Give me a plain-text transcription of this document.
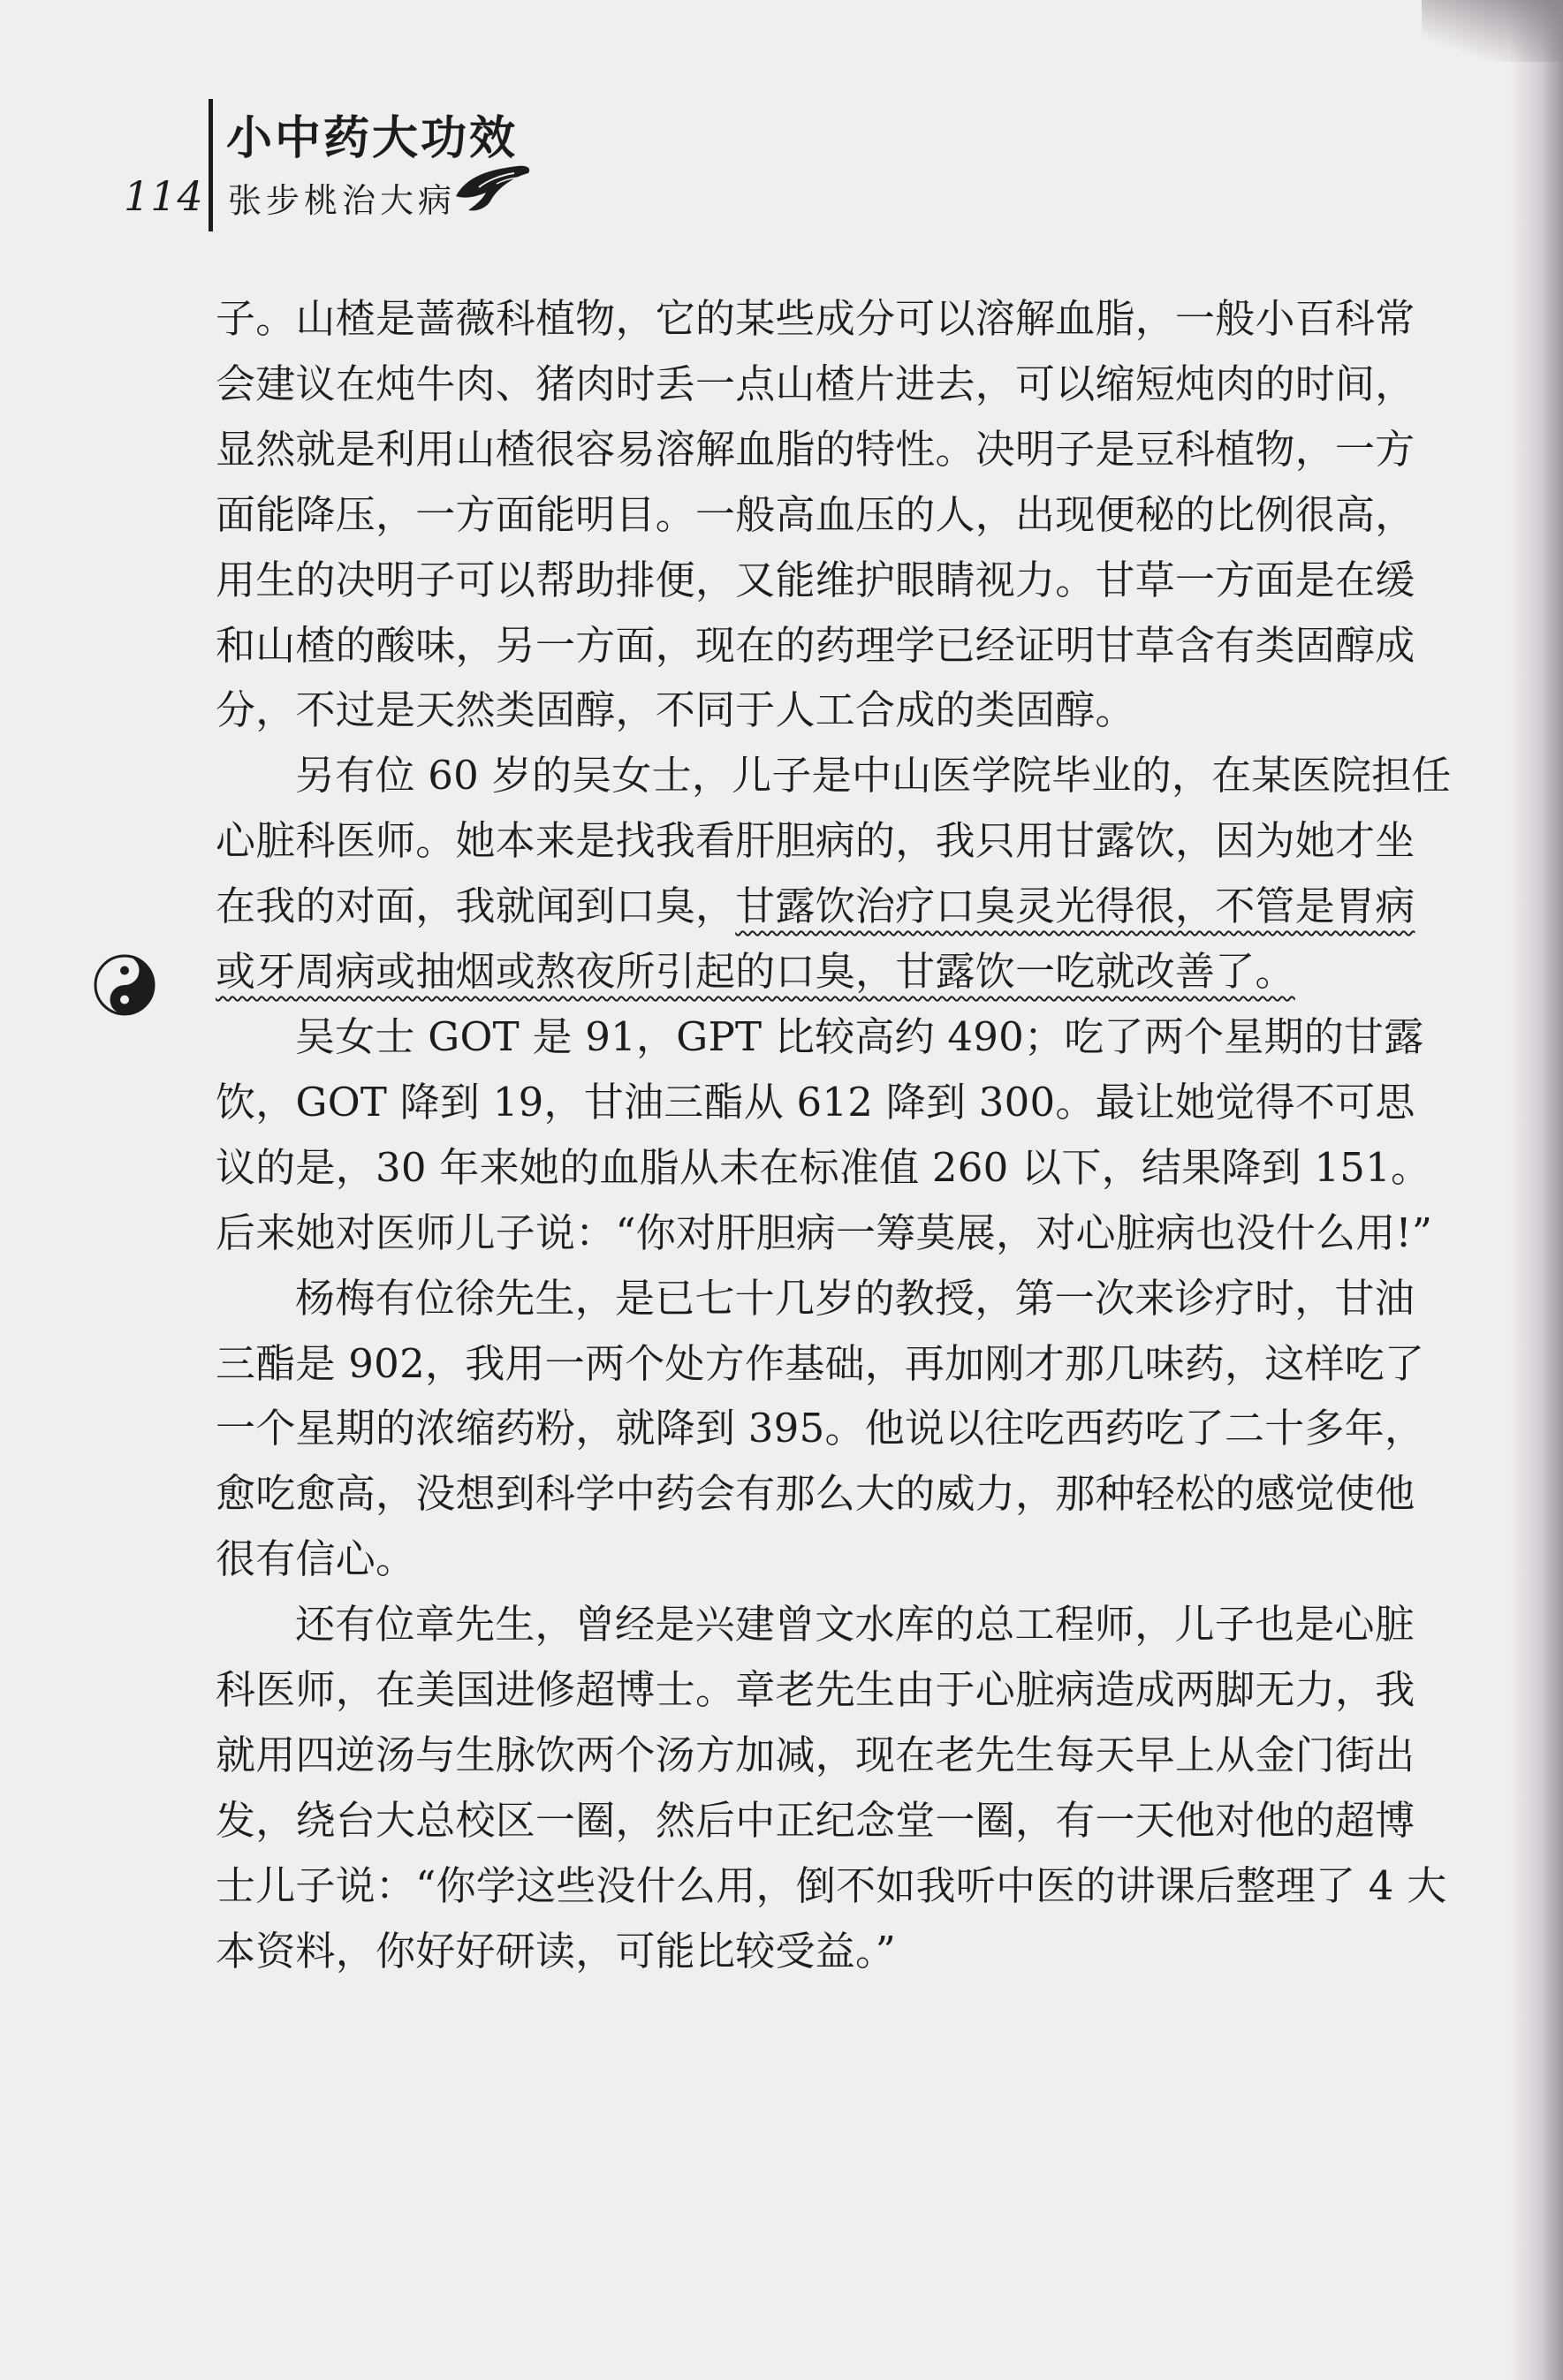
114
小中药大功效
张步桃治大病

子。山楂是蔷薇科植物，它的某些成分可以溶解血脂，一般小百科常会建议在炖牛肉、猪肉时丢一点山楂片进去，可以缩短炖肉的时间，显然就是利用山楂很容易溶解血脂的特性。决明子是豆科植物，一方面能降压，一方面能明目。一般高血压的人，出现便秘的比例很高，用生的决明子可以帮助排便，又能维护眼睛视力。甘草一方面是在缓和山楂的酸味，另一方面，现在的药理学已经证明甘草含有类固醇成分，不过是天然类固醇，不同于人工合成的类固醇。

另有位 60 岁的吴女士，儿子是中山医学院毕业的，在某医院担任心脏科医师。她本来是找我看肝胆病的，我只用甘露饮，因为她才坐在我的对面，我就闻到口臭，甘露饮治疗口臭灵光得很，不管是胃病或牙周病或抽烟或熬夜所引起的口臭，甘露饮一吃就改善了。

吴女士 GOT 是 91，GPT 比较高约 490；吃了两个星期的甘露饮，GOT 降到 19，甘油三酯从 612 降到 300。最让她觉得不可思议的是，30 年来她的血脂从未在标准值 260 以下，结果降到 151。后来她对医师儿子说：“你对肝胆病一筹莫展，对心脏病也没什么用!”

杨梅有位徐先生，是已七十几岁的教授，第一次来诊疗时，甘油三酯是 902，我用一两个处方作基础，再加刚才那几味药，这样吃了一个星期的浓缩药粉，就降到 395。他说以往吃西药吃了二十多年，愈吃愈高，没想到科学中药会有那么大的威力，那种轻松的感觉使他很有信心。

还有位章先生，曾经是兴建曾文水库的总工程师，儿子也是心脏科医师，在美国进修超博士。章老先生由于心脏病造成两脚无力，我就用四逆汤与生脉饮两个汤方加减，现在老先生每天早上从金门街出发，绕台大总校区一圈，然后中正纪念堂一圈，有一天他对他的超博士儿子说：“你学这些没什么用，倒不如我听中医的讲课后整理了 4 大本资料，你好好研读，可能比较受益。”
